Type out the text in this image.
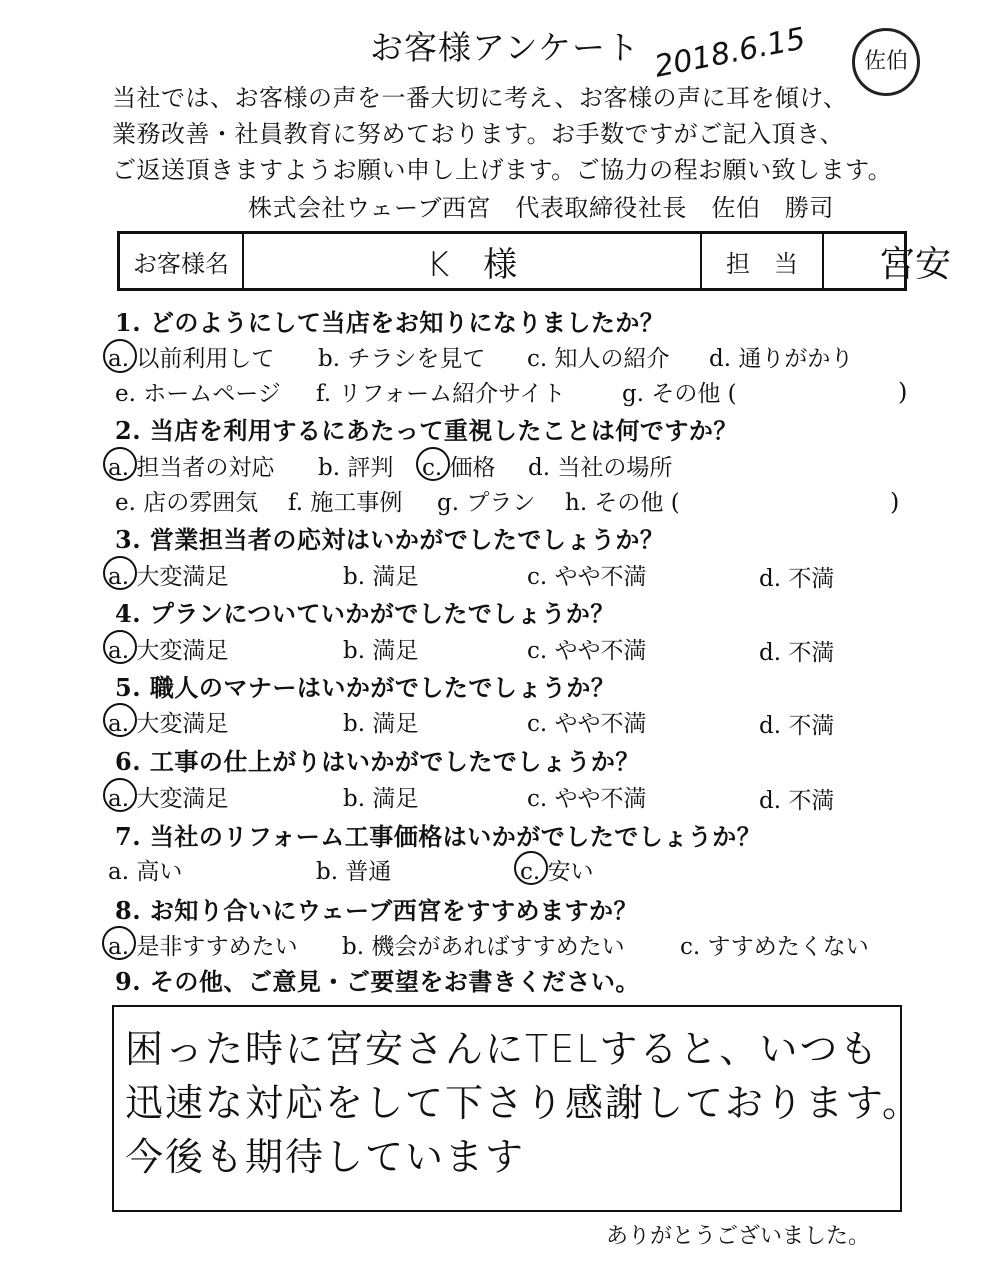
お客様アンケート 2018.6.15	佐伯
当社では、お客様の声を一番大切に考え、お客様の声に耳を傾け、
業務改善・社員教育に努めております。お手数ですがご記入頂き、
ご返送頂きますようお願い申し上げます。ご協力の程お願い致します。
株式会社ウェーブ西宮　代表取締役社長　佐伯　勝司
お客様名	K　様	担　当	宮安
1. どのようにして当店をお知りになりましたか？
a. 以前利用して b. チラシを見て c. 知人の紹介 d. 通りがかり
e. ホームページ f. リフォーム紹介サイト g. その他 (	)
2. 当店を利用するにあたって重視したことは何ですか？
a. 担当者の対応 b. 評判 c. 価格 d. 当社の場所
e. 店の雰囲気 f. 施工事例 g. プラン h. その他 (	)
3. 営業担当者の応対はいかがでしたでしょうか？
a. 大変満足	b. 満足	c. やや不満	d. 不満
4. プランについていかがでしたでしょうか？
a. 大変満足	b. 満足	c. やや不満	d. 不満
5. 職人のマナーはいかがでしたでしょうか？
a. 大変満足	b. 満足	c. やや不満	d. 不満
6. 工事の仕上がりはいかがでしたでしょうか？
a. 大変満足	b. 満足	c. やや不満	d. 不満
7. 当社のリフォーム工事価格はいかがでしたでしょうか？
a. 高い	b. 普通	c. 安い
8. お知り合いにウェーブ西宮をすすめますか？
a. 是非すすめたい b. 機会があればすすめたい c. すすめたくない
9. その他、ご意見・ご要望をお書きください。
困った時に宮安さんにTELすると、いつも
迅速な対応をして下さり感謝しております。
今後も期待しています
ありがとうございました。
